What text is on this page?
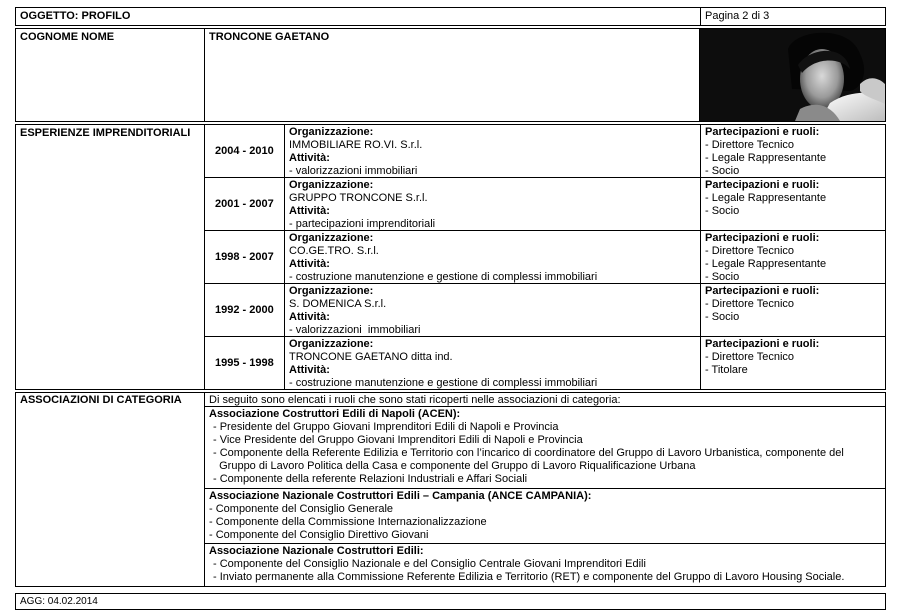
OGGETTO: PROFILO	Pagina 2 di 3
COGNOME NOME	TRONCONE GAETANO
ESPERIENZE IMPRENDITORIALI
2004 - 2010
Organizzazione:
IMMOBILIARE RO.VI. S.r.l.
Attività:
- valorizzazioni immobiliari
Partecipazioni e ruoli:
- Direttore Tecnico
- Legale Rappresentante
- Socio
2001 - 2007
Organizzazione:
GRUPPO TRONCONE S.r.l.
Attività:
- partecipazioni imprenditoriali
Partecipazioni e ruoli:
- Legale Rappresentante
- Socio
1998 - 2007
Organizzazione:
CO.GE.TRO. S.r.l.
Attività:
- costruzione manutenzione e gestione di complessi immobiliari
Partecipazioni e ruoli:
- Direttore Tecnico
- Legale Rappresentante
- Socio
1992 - 2000
Organizzazione:
S. DOMENICA S.r.l.
Attività:
- valorizzazioni  immobiliari
Partecipazioni e ruoli:
- Direttore Tecnico
- Socio
1995 - 1998
Organizzazione:
TRONCONE GAETANO ditta ind.
Attività:
- costruzione manutenzione e gestione di complessi immobiliari
Partecipazioni e ruoli:
- Direttore Tecnico
- Titolare
ASSOCIAZIONI DI CATEGORIA Di seguito sono elencati i ruoli che sono stati ricoperti nelle associazioni di categoria:
Associazione Costruttori Edili di Napoli (ACEN):
- Presidente del Gruppo Giovani Imprenditori Edili di Napoli e Provincia
- Vice Presidente del Gruppo Giovani Imprenditori Edili di Napoli e Provincia
- Componente della Referente Edilizia e Territorio con l’incarico di coordinatore del Gruppo di Lavoro Urbanistica, componente del
Gruppo di Lavoro Politica della Casa e componente del Gruppo di Lavoro Riqualificazione Urbana
- Componente della referente Relazioni Industriali e Affari Sociali
Associazione Nazionale Costruttori Edili – Campania (ANCE CAMPANIA):
- Componente del Consiglio Generale
- Componente della Commissione Internazionalizzazione
- Componente del Consiglio Direttivo Giovani
Associazione Nazionale Costruttori Edili:
- Componente del Consiglio Nazionale e del Consiglio Centrale Giovani Imprenditori Edili
- Inviato permanente alla Commissione Referente Edilizia e Territorio (RET) e componente del Gruppo di Lavoro Housing Sociale.
AGG: 04.02.2014
